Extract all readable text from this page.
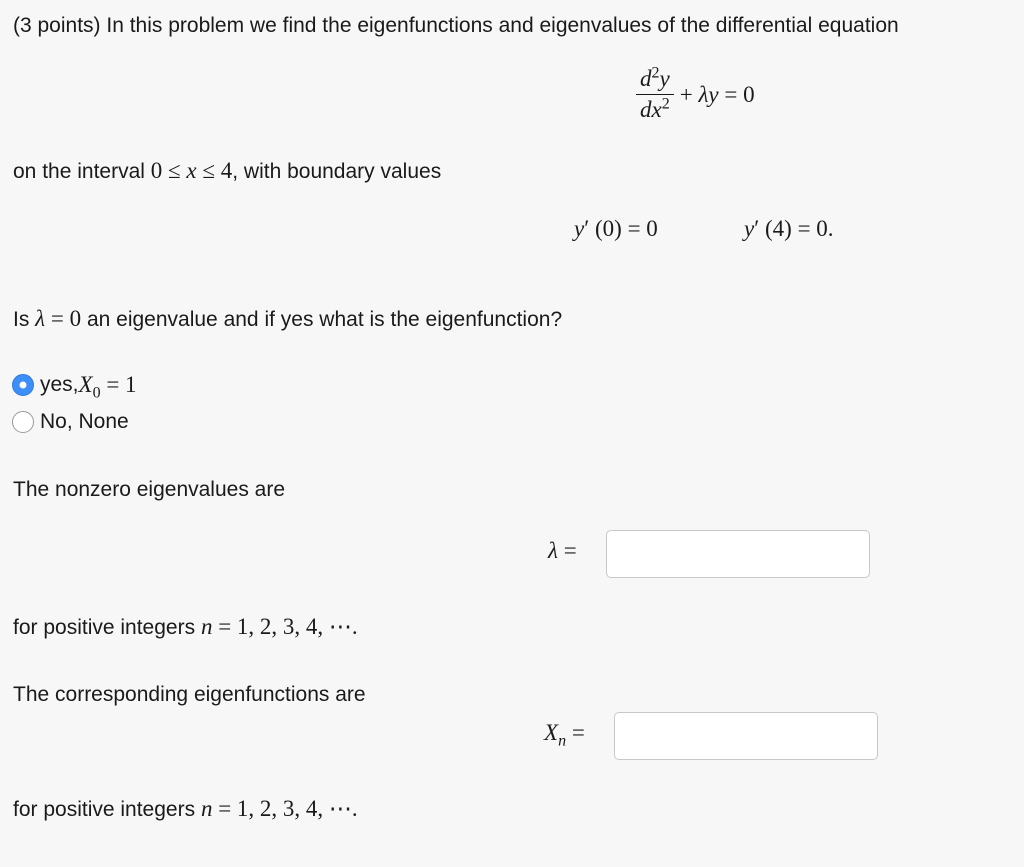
(3 points) In this problem we find the eigenfunctions and eigenvalues of the differential equation
$\frac{d^2y}{dx^2} + \lambda y = 0$
on the interval 0 ≤ x ≤ 4, with boundary values
y′ (0) = 0	y′ (4) = 0.
Is λ = 0 an eigenvalue and if yes what is the eigenfunction?
yes, $X_0 = 1$
No, None
The nonzero eigenvalues are
λ =
for positive integers n = 1, 2, 3, 4, ⋯.
The corresponding eigenfunctions are
$X_n$ =
for positive integers n = 1, 2, 3, 4, ⋯.
